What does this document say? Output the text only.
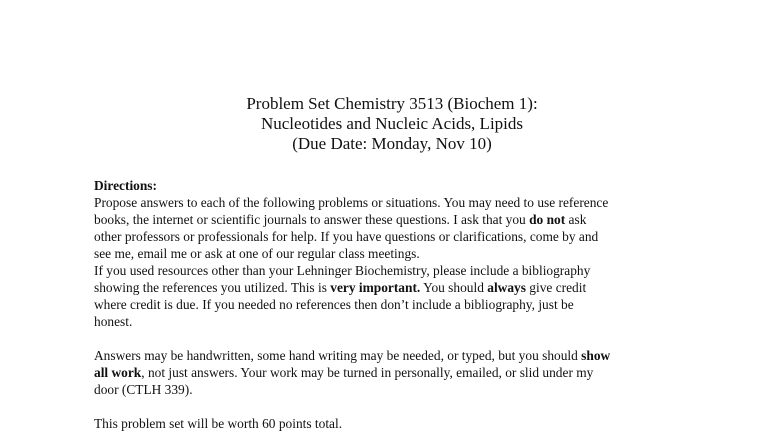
Problem Set Chemistry 3513 (Biochem 1):
Nucleotides and Nucleic Acids, Lipids
(Due Date: Monday, Nov 10)
Directions:
Propose answers to each of the following problems or situations. You may need to use reference
books, the internet or scientific journals to answer these questions. I ask that you do not ask
other professors or professionals for help. If you have questions or clarifications, come by and
see me, email me or ask at one of our regular class meetings.
If you used resources other than your Lehninger Biochemistry, please include a bibliography
showing the references you utilized. This is very important. You should always give credit
where credit is due. If you needed no references then don’t include a bibliography, just be
honest.
Answers may be handwritten, some hand writing may be needed, or typed, but you should show
all work, not just answers. Your work may be turned in personally, emailed, or slid under my
door (CTLH 339).
This problem set will be worth 60 points total.
